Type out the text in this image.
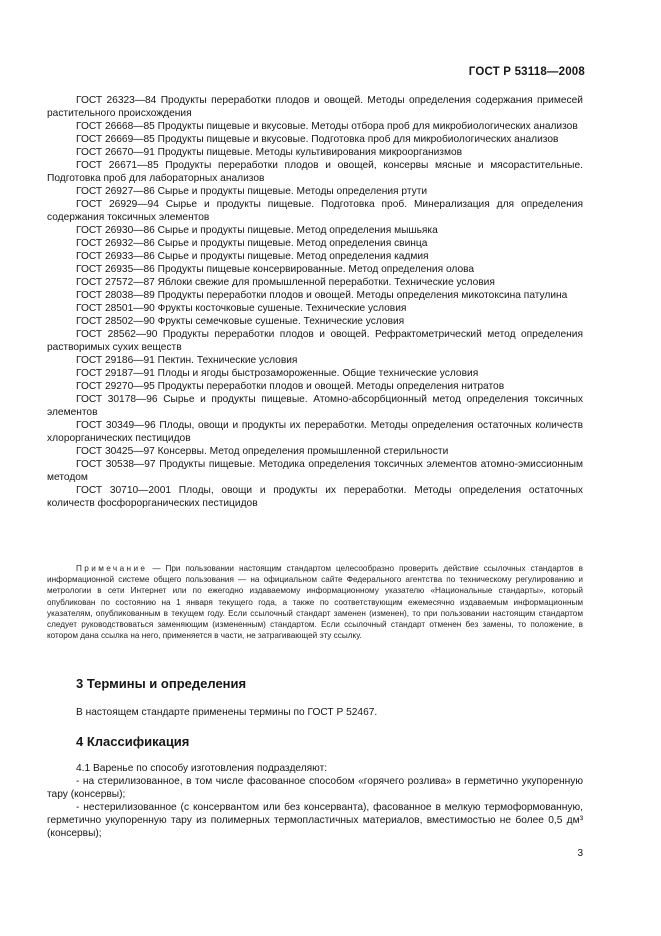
ГОСТ Р 53118—2008

ГОСТ 26323—84 Продукты переработки плодов и овощей. Методы определения содержания примесей растительного происхождения

ГОСТ 26668—85 Продукты пищевые и вкусовые. Методы отбора проб для микробиологических анализов

ГОСТ 26669—85 Продукты пищевые и вкусовые. Подготовка проб для микробиологических анализов

ГОСТ 26670—91 Продукты пищевые. Методы культивирования микроорганизмов

ГОСТ 26671—85 Продукты переработки плодов и овощей, консервы мясные и мясорастительные. Подготовка проб для лабораторных анализов

ГОСТ 26927—86 Сырье и продукты пищевые. Методы определения ртути

ГОСТ 26929—94 Сырье и продукты пищевые. Подготовка проб. Минерализация для определения содержания токсичных элементов

ГОСТ 26930—86 Сырье и продукты пищевые. Метод определения мышьяка

ГОСТ 26932—86 Сырье и продукты пищевые. Метод определения свинца

ГОСТ 26933—86 Сырье и продукты пищевые. Метод определения кадмия

ГОСТ 26935—86 Продукты пищевые консервированные. Метод определения олова

ГОСТ 27572—87 Яблоки свежие для промышленной переработки. Технические условия

ГОСТ 28038—89 Продукты переработки плодов и овощей. Методы определения микотоксина патулина

ГОСТ 28501—90 Фрукты косточковые сушеные. Технические условия

ГОСТ 28502—90 Фрукты семечковые сушеные. Технические условия

ГОСТ 28562—90 Продукты переработки плодов и овощей. Рефрактометрический метод определения растворимых сухих веществ

ГОСТ 29186—91 Пектин. Технические условия

ГОСТ 29187—91 Плоды и ягоды быстрозамороженные. Общие технические условия

ГОСТ 29270—95 Продукты переработки плодов и овощей. Методы определения нитратов

ГОСТ 30178—96 Сырье и продукты пищевые. Атомно-абсорбционный метод определения токсичных элементов

ГОСТ 30349—96 Плоды, овощи и продукты их переработки. Методы определения остаточных количеств хлорорганических пестицидов

ГОСТ 30425—97 Консервы. Метод определения промышленной стерильности

ГОСТ 30538—97 Продукты пищевые. Методика определения токсичных элементов атомно-эмиссионным методом

ГОСТ 30710—2001 Плоды, овощи и продукты их переработки. Методы определения остаточных количеств фосфорорганических пестицидов

Примечание — При пользовании настоящим стандартом целесообразно проверить действие ссылочных стандартов в информационной системе общего пользования — на официальном сайте Федерального агентства по техническому регулированию и метрологии в сети Интернет или по ежегодно издаваемому информационному указателю «Национальные стандарты», который опубликован по состоянию на 1 января текущего года, а также по соответствующим ежемесячно издаваемым информационным указателям, опубликованным в текущем году. Если ссылочный стандарт заменен (изменен), то при пользовании настоящим стандартом следует руководствоваться заменяющим (измененным) стандартом. Если ссылочный стандарт отменен без замены, то положение, в котором дана ссылка на него, применяется в части, не затрагивающей эту ссылку.

3 Термины и определения

В настоящем стандарте применены термины по ГОСТ Р 52467.

4 Классификация

4.1 Варенье по способу изготовления подразделяют:

- на стерилизованное, в том числе фасованное способом «горячего розлива» в герметично укупоренную тару (консервы);

- нестерилизованное (с консервантом или без консерванта), фасованное в мелкую термоформованную, герметично укупоренную тару из полимерных термопластичных материалов, вместимостью не более 0,5 дм³ (консервы);

3
